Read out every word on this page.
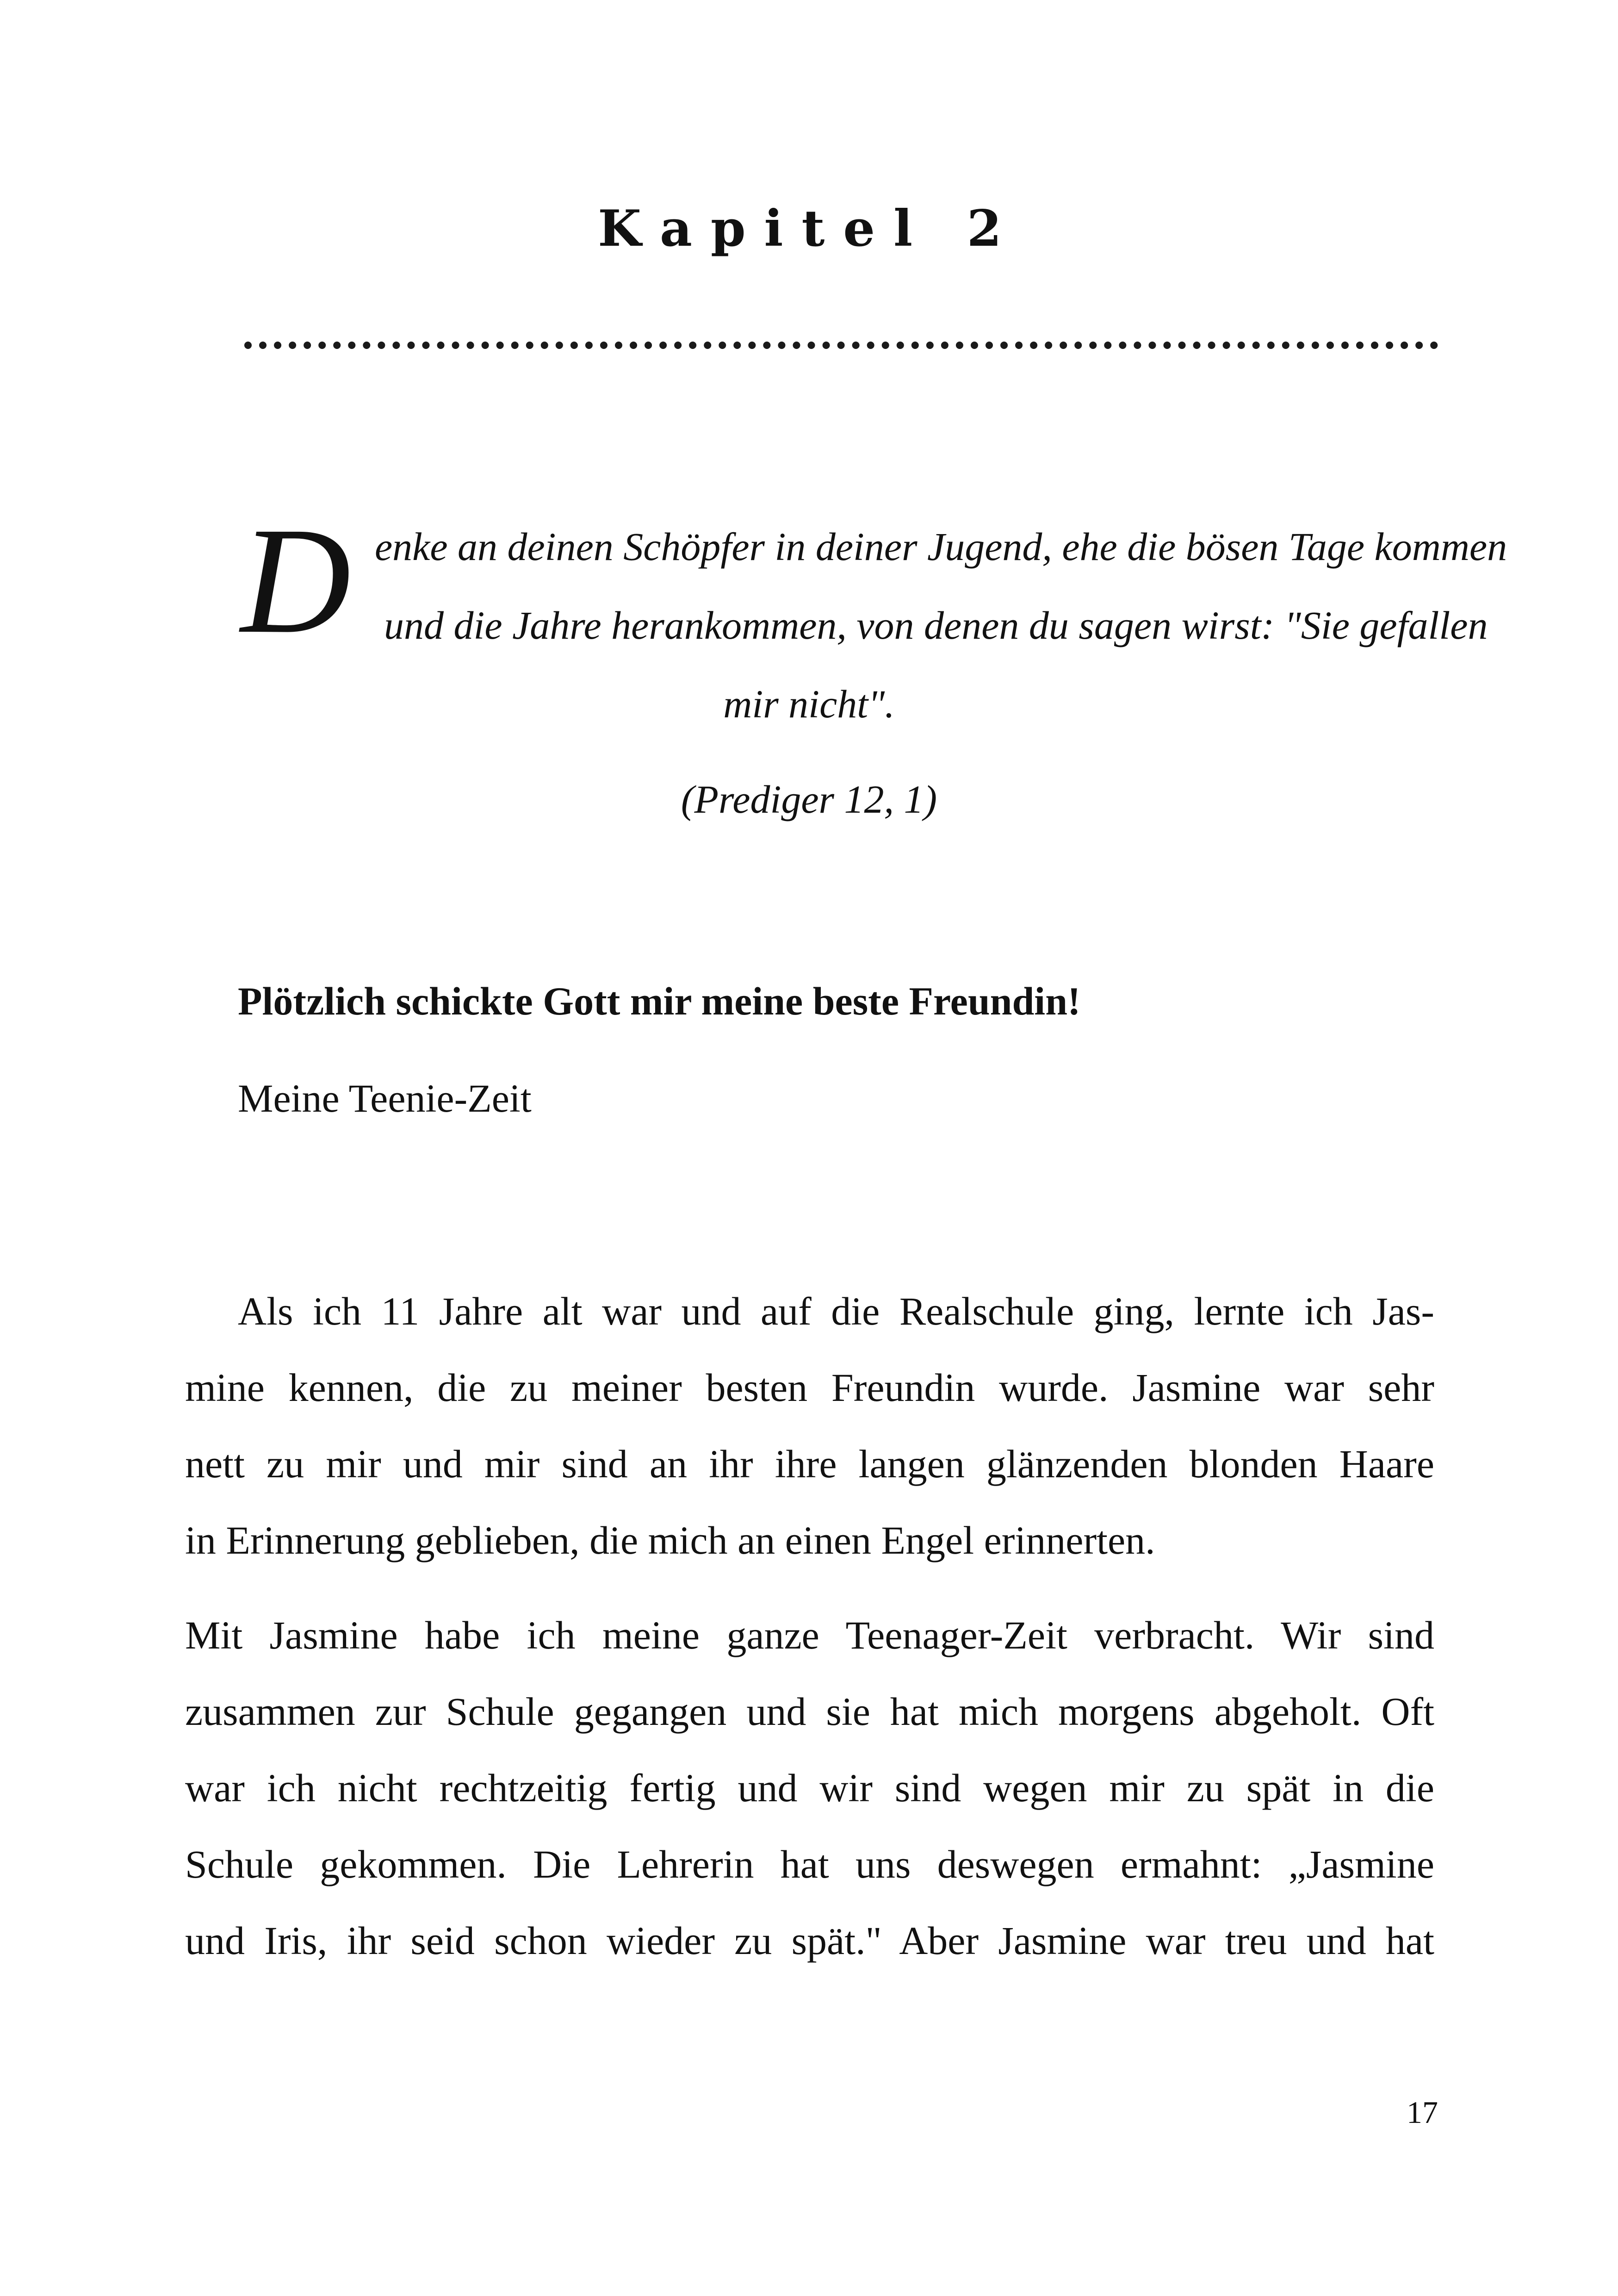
Kapitel 2
D enke an deinen Schöpfer in deiner Jugend, ehe die bösen Tage kommen
und die Jahre herankommen, von denen du sagen wirst: "Sie gefallen
mir nicht".
(Prediger 12, 1)
Plötzlich schickte Gott mir meine beste Freundin!
Meine Teenie-Zeit
Als ich 11 Jahre alt war und auf die Realschule ging, lernte ich Jas-
mine kennen, die zu meiner besten Freundin wurde. Jasmine war sehr
nett zu mir und mir sind an ihr ihre langen glänzenden blonden Haare
in Erinnerung geblieben, die mich an einen Engel erinnerten.
Mit Jasmine habe ich meine ganze Teenager-Zeit verbracht. Wir sind
zusammen zur Schule gegangen und sie hat mich morgens abgeholt. Oft
war ich nicht rechtzeitig fertig und wir sind wegen mir zu spät in die
Schule gekommen. Die Lehrerin hat uns deswegen ermahnt: „Jasmine
und Iris, ihr seid schon wieder zu spät." Aber Jasmine war treu und hat
17
